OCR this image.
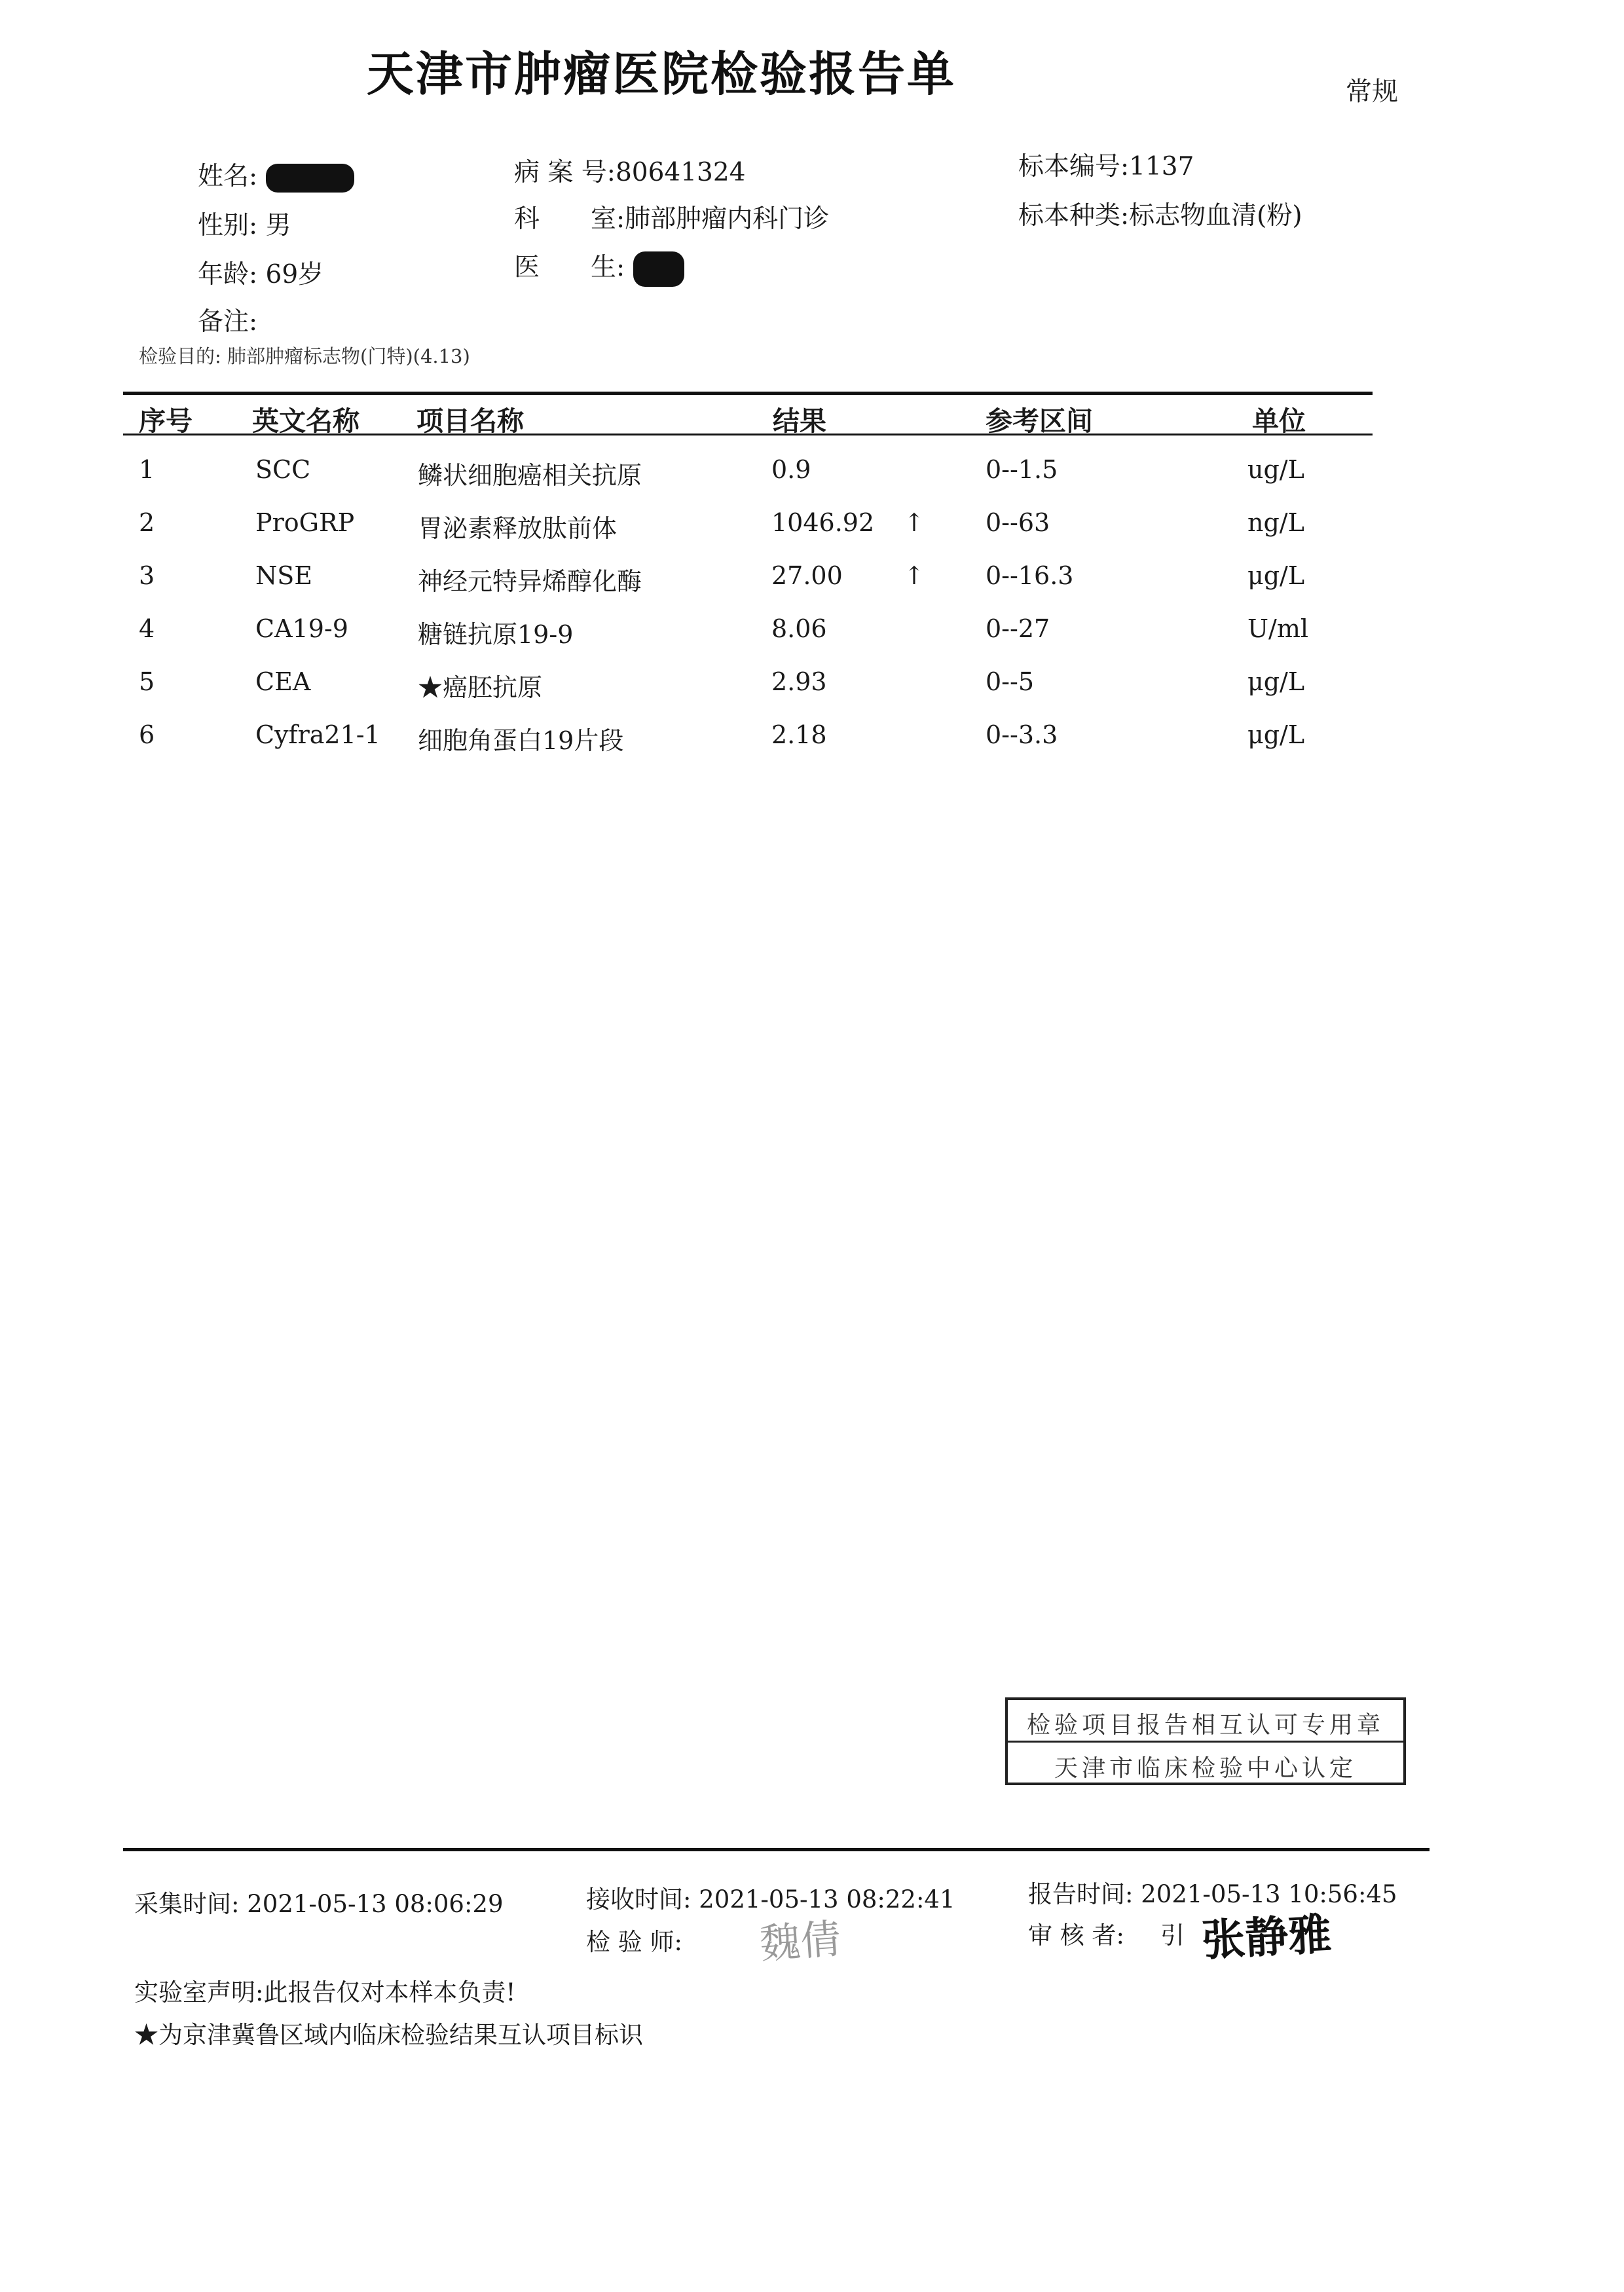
天津市肿瘤医院检验报告单	常规
姓名:
性别: 男
年龄: 69岁
备注:
病 案 号:80641324
科　　室:肺部肿瘤内科门诊
医　　生:
标本编号:1137
标本种类:标志物血清(粉)
检验目的: 肺部肿瘤标志物(门特)(4.13)
序号 英文名称 项目名称	结果	参考区间	单位
1	SCC	鳞状细胞癌相关抗原	0.9	0--1.5	ug/L
2	ProGRP	胃泌素释放肽前体	1046.92 ↑ 0--63	ng/L
3	NSE	神经元特异烯醇化酶	27.00 ↑ 0--16.3	μg/L
4	CA19-9	糖链抗原19-9	8.06	0--27	U/ml
5	CEA	★癌胚抗原	2.93	0--5	μg/L
6	Cyfra21-1 细胞角蛋白19片段	2.18	0--3.3	μg/L
检验项目报告相互认可专用章
天津市临床检验中心认定
采集时间: 2021-05-13 08:06:29	接收时间: 2021-05-13 08:22:41	报告时间: 2021-05-13 10:56:45
检 验 师: 魏倩	审 核 者: 引 张静雅
实验室声明:此报告仅对本样本负责!
★为京津冀鲁区域内临床检验结果互认项目标识
